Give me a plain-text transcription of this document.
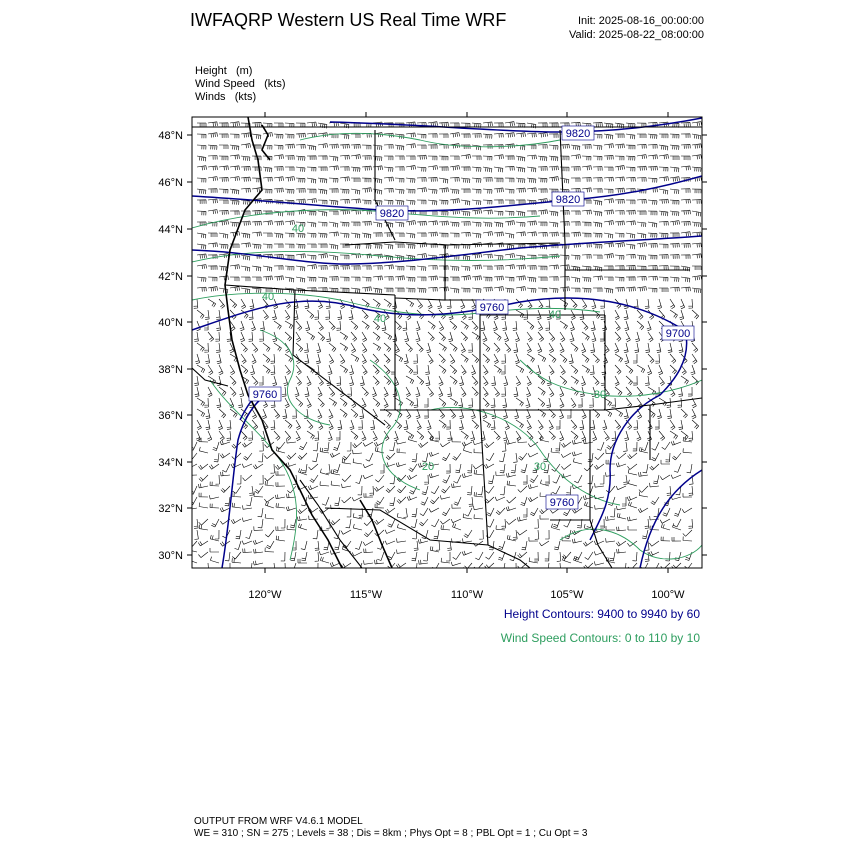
IWFAQRP Western US Real Time WRF	Init: 2025-08-16_00:00:00
Valid: 2025-08-22_08:00:00
Height   (m)
Wind Speed   (kts)
Winds   (kts)
48°N
46°N
44°N
42°N
40°N
38°N
36°N
34°N
32°N
30°N
120°W	115°W	110°W	105°W	100°W
9820
9820
9820
9760
9700
9760
9760
40
40
40	40
30
20	30
Height Contours: 9400 to 9940 by 60
Wind Speed Contours: 0 to 110 by 10
OUTPUT FROM WRF V4.6.1 MODEL
WE = 310 ; SN = 275 ; Levels = 38 ; Dis = 8km ; Phys Opt = 8 ; PBL Opt = 1 ; Cu Opt = 3
